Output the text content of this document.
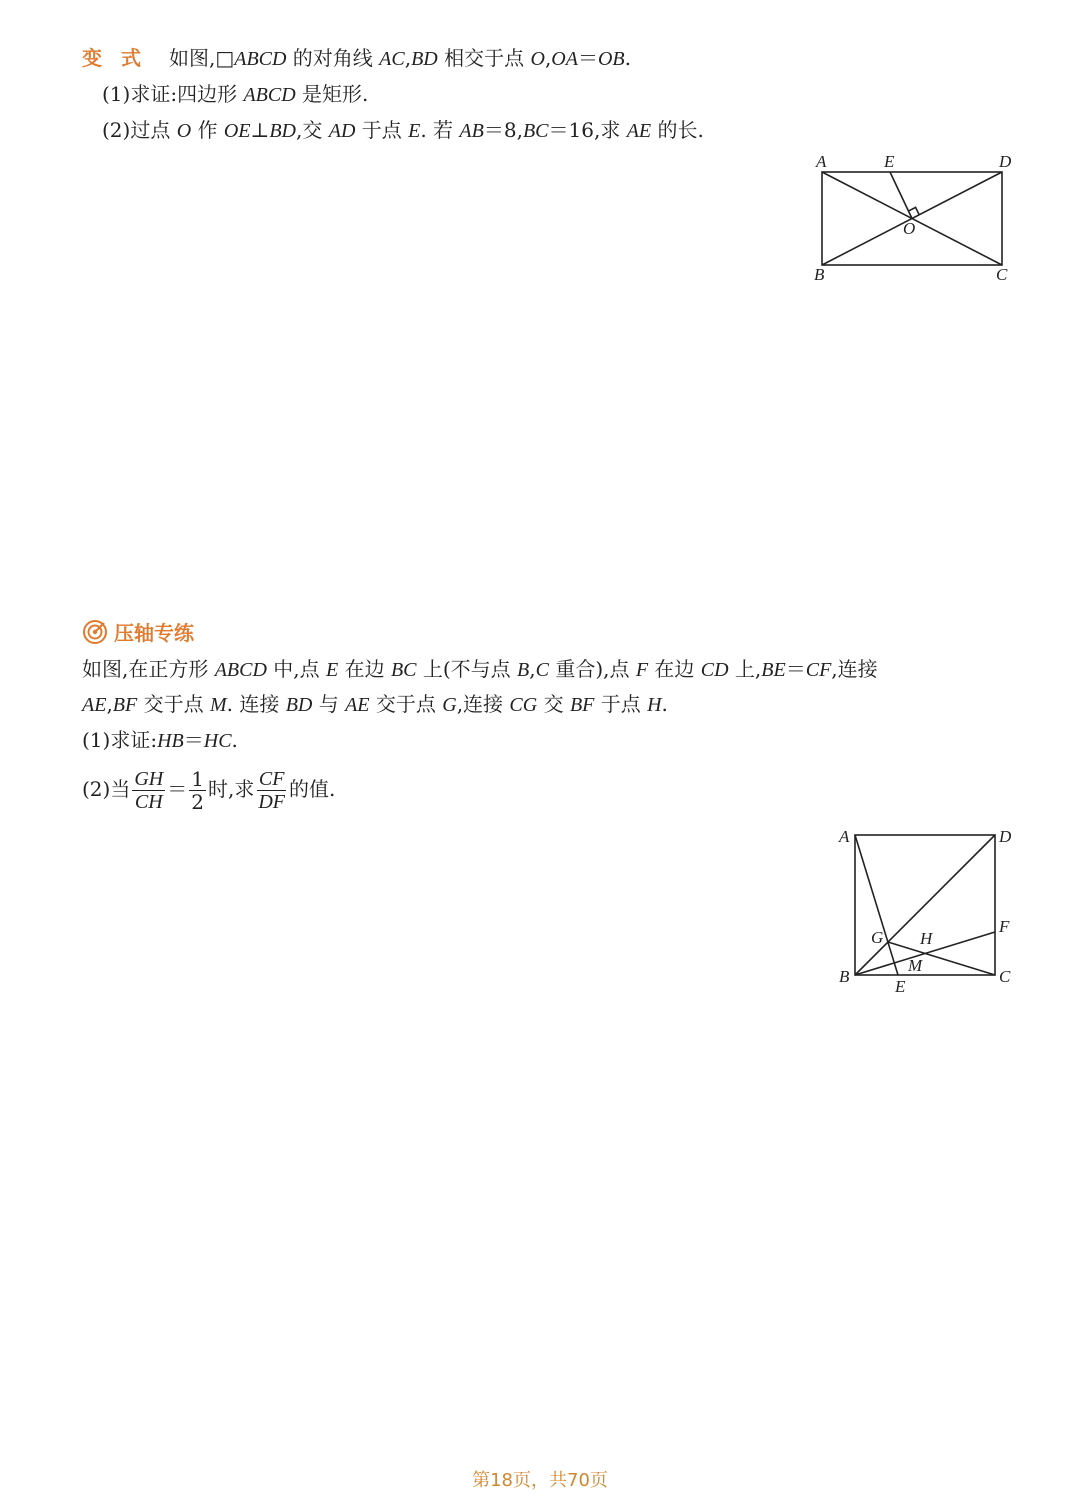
变 式 如图,□ABCD 的对角线 AC,BD 相交于点 O,OA＝OB.
(1)求证:四边形 ABCD 是矩形.
(2)过点 O 作 OE⊥BD,交 AD 于点 E. 若 AB＝8,BC＝16,求 AE 的长.
A	E	D
O
B	C
压轴专练
如图,在正方形 ABCD 中,点 E 在边 BC 上(不与点 B,C 重合),点 F 在边 CD 上,BE＝CF,连接
AE,BF 交于点 M. 连接 BD 与 AE 交于点 G,连接 CG 交 BF 于点 H.
(1)求证:HB＝HC.
(2)当 $\frac{GH}{CH} = \frac{1}{2}$ 时,求 $\frac{CF}{DF}$ 的值.
A	D
F
G H
M
B
E
C
第18页，共70页
